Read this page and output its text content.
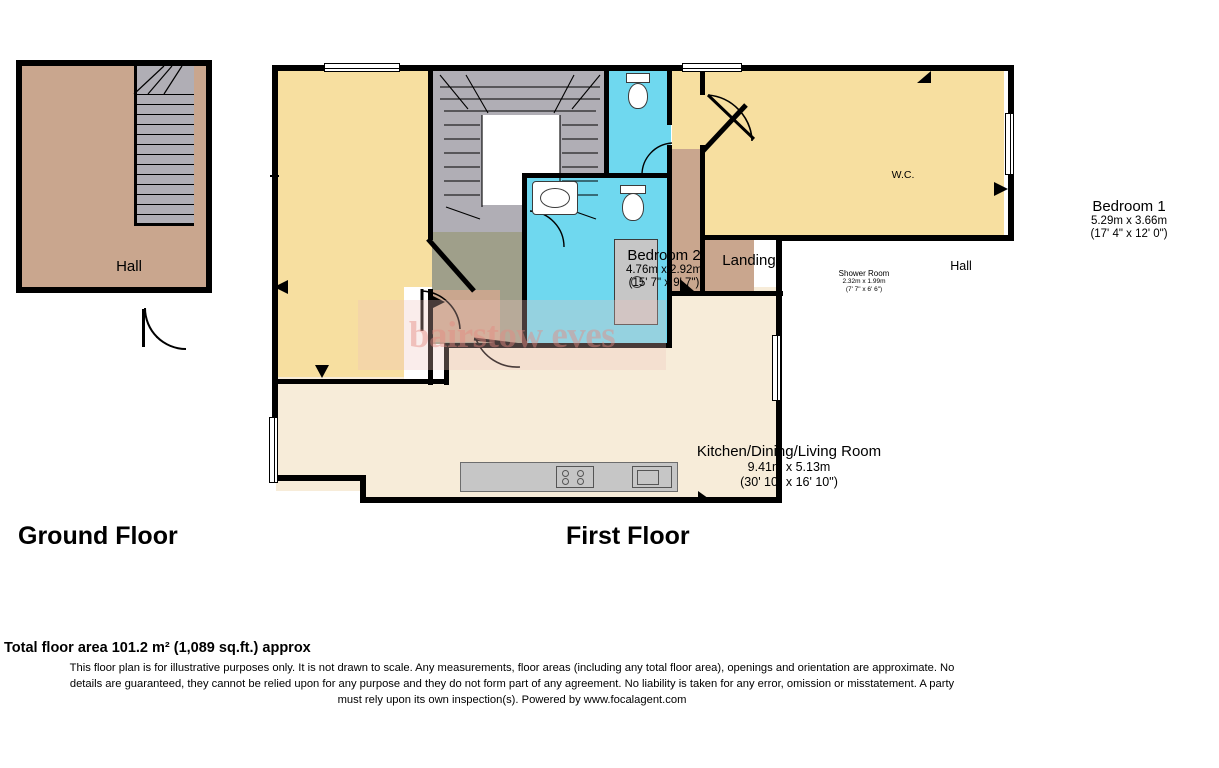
Hall
Bedroom 2
4.76m x 2.92m
(15' 7" x 9' 7")
Landing	Hall
W.C.
Shower Room
2.32m x 1.99m
(7' 7" x 6' 6")
Bedroom 1
5.29m x 3.66m
(17' 4" x 12' 0")
Kitchen/Dining/Living Room
9.41m x 5.13m
(30' 10" x 16' 10")
bairstow eves
Ground Floor	First Floor
Total floor area 101.2 m² (1,089 sq.ft.) approx
This floor plan is for illustrative purposes only. It is not drawn to scale. Any measurements, floor areas (including any total floor area), openings and orientation are approximate. No
details are guaranteed, they cannot be relied upon for any purpose and they do not form part of any agreement. No liability is taken for any error, omission or misstatement. A party
must rely upon its own inspection(s). Powered by www.focalagent.com
